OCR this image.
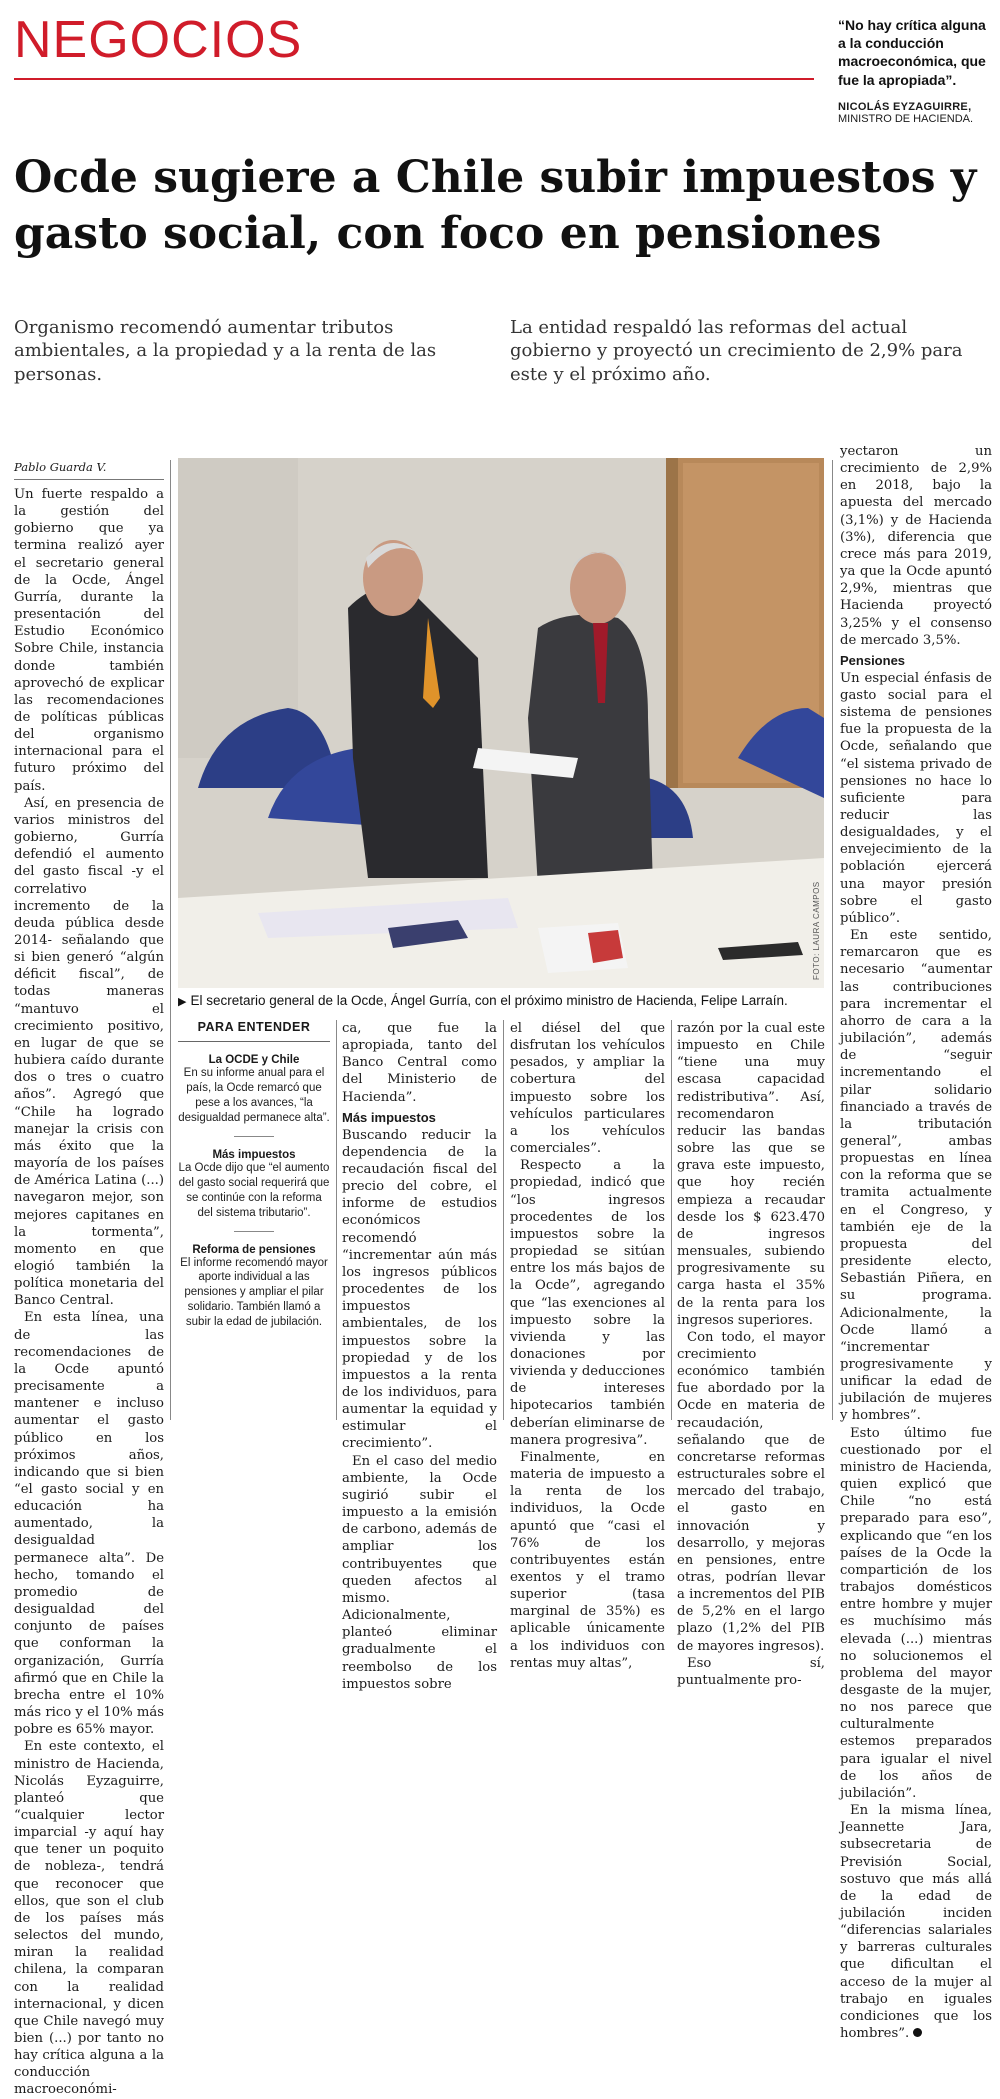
NEGOCIOS	“No hay crítica alguna a la conducción macroeconómica, que fue la apropiada”.
NICOLÁS EYZAGUIRRE,
MINISTRO DE HACIENDA.
Ocde sugiere a Chile subir impuestos y gasto social, con foco en pensiones
Organismo recomendó aumentar tributos ambientales, a la propiedad y a la renta de las personas.
La entidad respaldó las reformas del actual gobierno y proyectó un crecimiento de 2,9% para este y el próximo año.
Pablo Guarda V.

Un fuerte respaldo a la gestión del gobierno que ya termina realizó ayer el secretario general de la Ocde, Ángel Gurría, durante la presentación del Estudio Económico Sobre Chile, instancia donde también aprovechó de explicar las recomendaciones de políticas públicas del organismo internacional para el futuro próximo del país.

Así, en presencia de varios ministros del gobierno, Gurría defendió el aumento del gasto fiscal -y el correlativo incremento de la deuda pública desde 2014- señalando que si bien generó “algún déficit fiscal”, de todas maneras “mantuvo el crecimiento positivo, en lugar de que se hubiera caído durante dos o tres o cuatro años”. Agregó que “Chile ha logrado manejar la crisis con más éxito que la mayoría de los países de América Latina (...) navegaron mejor, son mejores capitanes en la tormenta”, momento en que elogió también la política monetaria del Banco Central.

En esta línea, una de las recomendaciones de la Ocde apuntó precisamente a mantener e incluso aumentar el gasto público en los próximos años, indicando que si bien “el gasto social y en educación ha aumentado, la desigualdad permanece alta”. De hecho, tomando el promedio de desigualdad del conjunto de países que conforman la organización, Gurría afirmó que en Chile la brecha entre el 10% más rico y el 10% más pobre es 65% mayor.

En este contexto, el ministro de Hacienda, Nicolás Eyzaguirre, planteó que “cualquier lector imparcial -y aquí hay que tener un poquito de nobleza-, tendrá que reconocer que ellos, que son el club de los países más selectos del mundo, miran la realidad chilena, la comparan con la realidad internacional, y dicen que Chile navegó muy bien (...) por tanto no hay crítica alguna a la conducción macroeconómi-

FOTO: LAURA CAMPOS
▶ El secretario general de la Ocde, Ángel Gurría, con el próximo ministro de Hacienda, Felipe Larraín.
PARA ENTENDER
La OCDE y Chile
En su informe anual para el país, la Ocde remarcó que pese a los avances, “la desigualdad permanece alta”.
Más impuestos
La Ocde dijo que “el aumento del gasto social requerirá que se continúe con la reforma del sistema tributario”.
Reforma de pensiones
El informe recomendó mayor aporte individual a las pensiones y ampliar el pilar solidario. También llamó a subir la edad de jubilación.

ca, que fue la apropiada, tanto del Banco Central como del Ministerio de Hacienda”.

Más impuestos

Buscando reducir la dependencia de la recaudación fiscal del precio del cobre, el informe de estudios económicos recomendó “incrementar aún más los ingresos públicos procedentes de los impuestos ambientales, de los impuestos sobre la propiedad y de los impuestos a la renta de los individuos, para aumentar la equidad y estimular el crecimiento”.

En el caso del medio ambiente, la Ocde sugirió subir el impuesto a la emisión de carbono, además de ampliar los contribuyentes que queden afectos al mismo. Adicionalmente, planteó eliminar gradualmente el reembolso de los impuestos sobre

el diésel del que disfrutan los vehículos pesados, y ampliar la cobertura del impuesto sobre los vehículos particulares a los vehículos comerciales”.

Respecto a la propiedad, indicó que “los ingresos procedentes de los impuestos sobre la propiedad se sitúan entre los más bajos de la Ocde”, agregando que “las exenciones al impuesto sobre la vivienda y las donaciones por vivienda y deducciones de intereses hipotecarios también deberían eliminarse de manera progresiva”.

Finalmente, en materia de impuesto a la renta de los individuos, la Ocde apuntó que “casi el 76% de los contribuyentes están exentos y el tramo superior (tasa marginal de 35%) es aplicable únicamente a los individuos con rentas muy altas”,

razón por la cual este impuesto en Chile “tiene una muy escasa capacidad redistributiva”. Así, recomendaron reducir las bandas sobre las que se grava este impuesto, que hoy recién empieza a recaudar desde los $ 623.470 de ingresos mensuales, subiendo progresivamente su carga hasta el 35% de la renta para los ingresos superiores.

Con todo, el mayor crecimiento económico también fue abordado por la Ocde en materia de recaudación, señalando que de concretarse reformas estructurales sobre el mercado del trabajo, el gasto en innovación y desarrollo, y mejoras en pensiones, entre otras, podrían llevar a incrementos del PIB de 5,2% en el largo plazo (1,2% del PIB de mayores ingresos).

Eso sí, puntualmente pro-

yectaron un crecimiento de 2,9% en 2018, bajo la apuesta del mercado (3,1%) y de Hacienda (3%), diferencia que crece más para 2019, ya que la Ocde apuntó 2,9%, mientras que Hacienda proyectó 3,25% y el consenso de mercado 3,5%.

Pensiones

Un especial énfasis de gasto social para el sistema de pensiones fue la propuesta de la Ocde, señalando que “el sistema privado de pensiones no hace lo suficiente para reducir las desigualdades, y el envejecimiento de la población ejercerá una mayor presión sobre el gasto público”.

En este sentido, remarcaron que es necesario “aumentar las contribuciones para incrementar el ahorro de cara a la jubilación”, además de “seguir incrementando el pilar solidario financiado a través de la tributación general”, ambas propuestas en línea con la reforma que se tramita actualmente en el Congreso, y también eje de la propuesta del presidente electo, Sebastián Piñera, en su programa. Adicionalmente, la Ocde llamó a “incrementar progresivamente y unificar la edad de jubilación de mujeres y hombres”.

Esto último fue cuestionado por el ministro de Hacienda, quien explicó que Chile “no está preparado para eso”, explicando que “en los países de la Ocde la compartición de los trabajos domésticos entre hombre y mujer es muchísimo más elevada (...) mientras no solucionemos el problema del mayor desgaste de la mujer, no nos parece que culturalmente estemos preparados para igualar el nivel de los años de jubilación”.

En la misma línea, Jeannette Jara, subsecretaria de Previsión Social, sostuvo que más allá de la edad de jubilación inciden “diferencias salariales y barreras culturales que dificultan el acceso de la mujer al trabajo en iguales condiciones que los hombres”.
